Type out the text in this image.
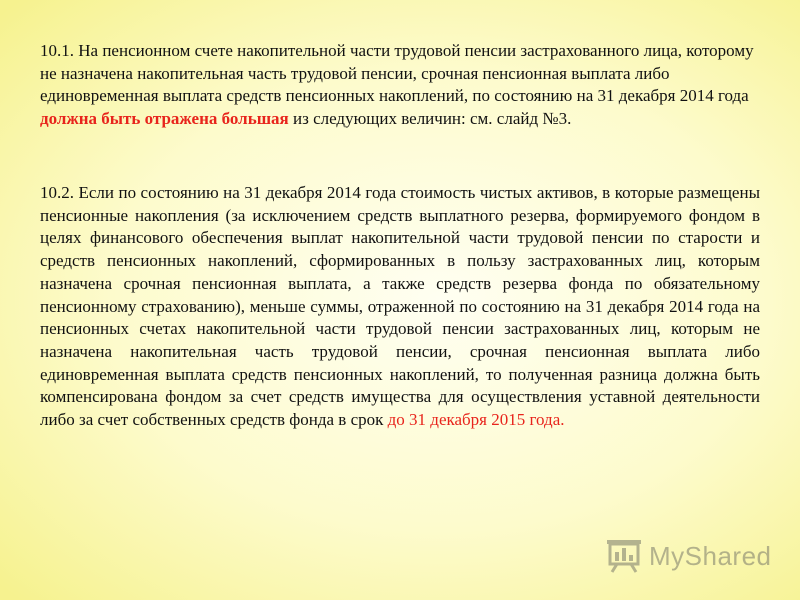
10.1. На пенсионном счете накопительной части трудовой пенсии застрахованного лица, которому не назначена накопительная часть трудовой пенсии, срочная пенсионная выплата либо единовременная выплата средств пенсионных накоплений, по состоянию на 31 декабря 2014 года должна быть отражена большая из следующих величин: см. слайд №3.

10.2. Если по состоянию на 31 декабря 2014 года стоимость чистых активов, в которые размещены пенсионные накопления (за исключением средств выплатного резерва, формируемого фондом в целях финансового обеспечения выплат накопительной части трудовой пенсии по старости и средств пенсионных накоплений, сформированных в пользу застрахованных лиц, которым назначена срочная пенсионная выплата, а также средств резерва фонда по обязательному пенсионному страхованию), меньше суммы, отраженной по состоянию на 31 декабря 2014 года на пенсионных счетах накопительной части трудовой пенсии застрахованных лиц, которым не назначена накопительная часть трудовой пенсии, срочная пенсионная выплата либо единовременная выплата средств пенсионных накоплений, то полученная разница должна быть компенсирована фондом за счет средств имущества для осуществления уставной деятельности либо за счет собственных средств фонда в срок до 31 декабря 2015 года.

MyShared
